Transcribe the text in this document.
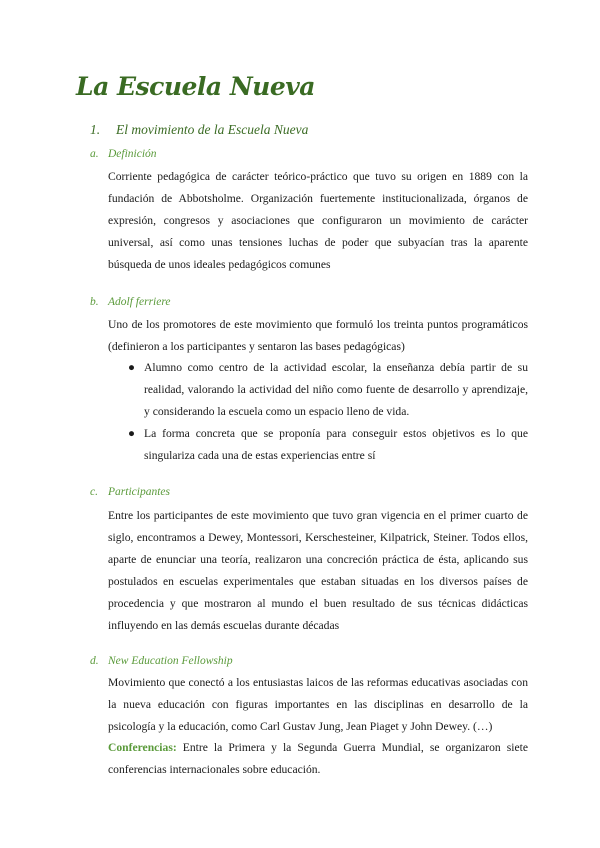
La Escuela Nueva
1. El movimiento de la Escuela Nueva
a. Definición
Corriente pedagógica de carácter teórico-práctico que tuvo su origen en 1889 con la fundación de Abbotsholme. Organización fuertemente institucionalizada, órganos de expresión, congresos y asociaciones que configuraron un movimiento de carácter universal, así como unas tensiones luchas de poder que subyacían tras la aparente búsqueda de unos ideales pedagógicos comunes
b. Adolf ferriere
Uno de los promotores de este movimiento que formuló los treinta puntos programáticos (definieron a los participantes y sentaron las bases pedagógicas)
● Alumno como centro de la actividad escolar, la enseñanza debía partir de su realidad, valorando la actividad del niño como fuente de desarrollo y aprendizaje, y considerando la escuela como un espacio lleno de vida.
● La forma concreta que se proponía para conseguir estos objetivos es lo que singulariza cada una de estas experiencias entre sí
c. Participantes
Entre los participantes de este movimiento que tuvo gran vigencia en el primer cuarto de siglo, encontramos a Dewey, Montessori, Kerschesteiner, Kilpatrick, Steiner. Todos ellos, aparte de enunciar una teoría, realizaron una concreción práctica de ésta, aplicando sus postulados en escuelas experimentales que estaban situadas en los diversos países de procedencia y que mostraron al mundo el buen resultado de sus técnicas didácticas influyendo en las demás escuelas durante décadas
d. New Education Fellowship
Movimiento que conectó a los entusiastas laicos de las reformas educativas asociadas con la nueva educación con figuras importantes en las disciplinas en desarrollo de la psicología y la educación, como Carl Gustav Jung, Jean Piaget y John Dewey. (…)
Conferencias: Entre la Primera y la Segunda Guerra Mundial, se organizaron siete conferencias internacionales sobre educación.
